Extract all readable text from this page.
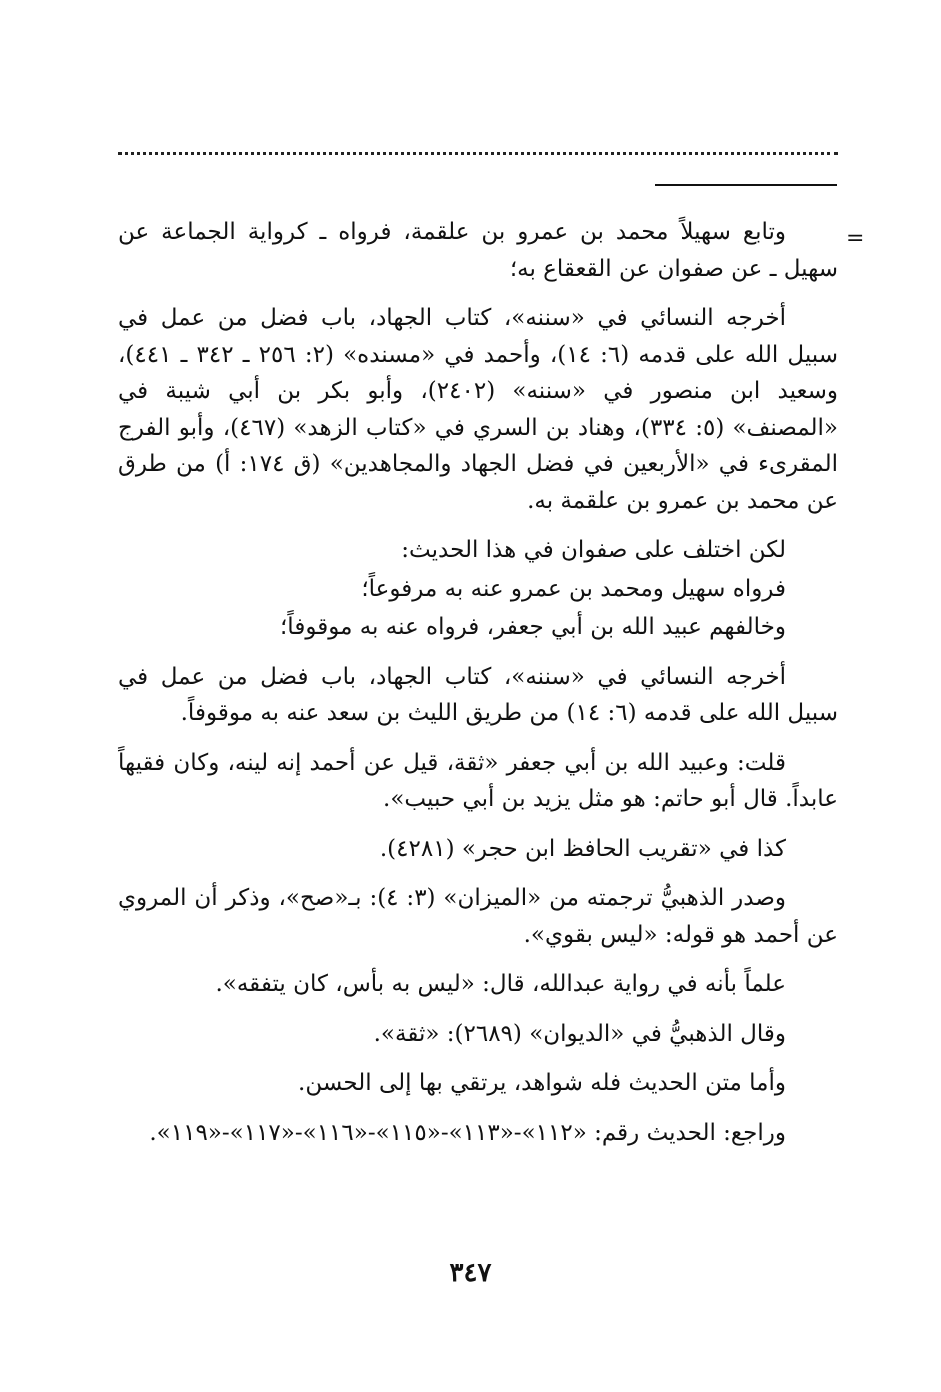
=

وتابع سهيلاً محمد بن عمرو بن علقمة، فرواه ـ كرواية الجماعة عن سهيل ـ عن صفوان عن القعقاع به؛

أخرجه النسائي في «سننه»، كتاب الجهاد، باب فضل من عمل في سبيل الله على قدمه (٦: ١٤)، وأحمد في «مسنده» (٢: ٢٥٦ ـ ٣٤٢ ـ ٤٤١)، وسعيد ابن منصور في «سننه» (٢٤٠٢)، وأبو بكر بن أبي شيبة في «المصنف» (٥: ٣٣٤)، وهناد بن السري في «كتاب الزهد» (٤٦٧)، وأبو الفرج المقرىء في «الأربعين في فضل الجهاد والمجاهدين» (ق ١٧٤: أ) من طرق عن محمد بن عمرو بن علقمة به.

لكن اختلف على صفوان في هذا الحديث:

فرواه سهيل ومحمد بن عمرو عنه به مرفوعاً؛

وخالفهم عبيد الله بن أبي جعفر، فرواه عنه به موقوفاً؛

أخرجه النسائي في «سننه»، كتاب الجهاد، باب فضل من عمل في سبيل الله على قدمه (٦: ١٤) من طريق الليث بن سعد عنه به موقوفاً.

قلت: وعبيد الله بن أبي جعفر «ثقة، قيل عن أحمد إنه لينه، وكان فقيهاً عابداً. قال أبو حاتم: هو مثل يزيد بن أبي حبيب».

كذا في «تقريب الحافظ ابن حجر» (٤٢٨١).

وصدر الذهبيُّ ترجمته من «الميزان» (٣: ٤): بـ«صح»، وذكر أن المروي عن أحمد هو قوله: «ليس بقوي».

علماً بأنه في رواية عبدالله، قال: «ليس به بأس، كان يتفقه».

وقال الذهبيُّ في «الديوان» (٢٦٨٩): «ثقة».

وأما متن الحديث فله شواهد، يرتقي بها إلى الحسن.

وراجع: الحديث رقم: «١١٢»-«١١٣»-«١١٥»-«١١٦»-«١١٧»-«١١٩».

٣٤٧
